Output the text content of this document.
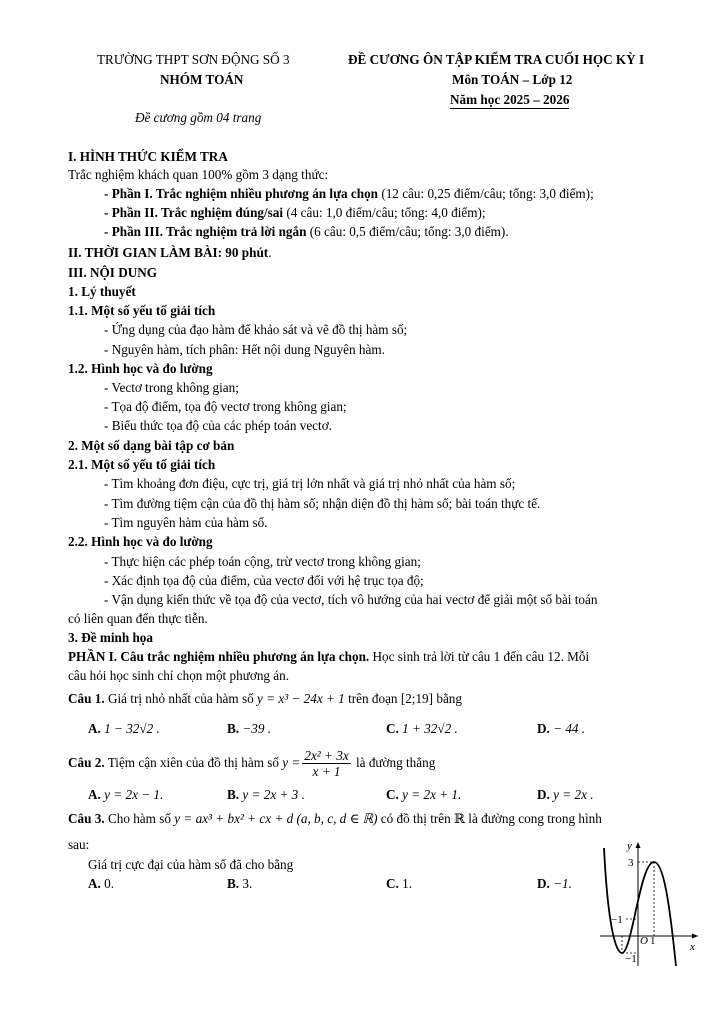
TRƯỜNG THPT SƠN ĐỘNG SỐ 3
NHÓM TOÁN
ĐỀ CƯƠNG ÔN TẬP KIỂM TRA CUỐI HỌC KỲ I
Môn TOÁN – Lớp 12
Năm học 2025 – 2026
Đề cương gồm 04 trang
I. HÌNH THỨC KIỂM TRA
Trắc nghiệm khách quan 100% gồm 3 dạng thức:
- Phần I. Trắc nghiệm nhiều phương án lựa chọn (12 câu: 0,25 điểm/câu; tổng: 3,0 điểm);
- Phần II. Trắc nghiệm đúng/sai (4 câu: 1,0 điểm/câu; tổng: 4,0 điểm);
- Phần III. Trắc nghiệm trả lời ngắn (6 câu: 0,5 điểm/câu; tổng: 3,0 điểm).
II. THỜI GIAN LÀM BÀI: 90 phút.
III. NỘI DUNG
1. Lý thuyết
1.1. Một số yếu tố giải tích
- Ứng dụng của đạo hàm để khảo sát và vẽ đồ thị hàm số;
- Nguyên hàm, tích phân: Hết nội dung Nguyên hàm.
1.2. Hình học và đo lường
- Vectơ trong không gian;
- Tọa độ điểm, tọa độ vectơ trong không gian;
- Biểu thức tọa độ của các phép toán vectơ.
2. Một số dạng bài tập cơ bản
2.1. Một số yếu tố giải tích
- Tìm khoảng đơn điệu, cực trị, giá trị lớn nhất và giá trị nhỏ nhất của hàm số;
- Tìm đường tiệm cận của đồ thị hàm số; nhận diện đồ thị hàm số; bài toán thực tế.
- Tìm nguyên hàm của hàm số.
2.2. Hình học và đo lường
- Thực hiện các phép toán cộng, trừ vectơ trong không gian;
- Xác định tọa độ của điểm, của vectơ đối với hệ trục tọa độ;
- Vận dụng kiến thức về tọa độ của vectơ, tích vô hướng của hai vectơ để giải một số bài toán
có liên quan đến thực tiễn.
3. Đề minh họa
PHẦN I. Câu trắc nghiệm nhiều phương án lựa chọn. Học sinh trả lời từ câu 1 đến câu 12. Mỗi
câu hỏi học sinh chỉ chọn một phương án.
Câu 1. Giá trị nhỏ nhất của hàm số y = x³ − 24x + 1 trên đoạn [2;19] bằng
A. 1 − 32√2 .	B. −39 .	C. 1 + 32√2 .	D. − 44 .
Câu 2. Tiệm cận xiên của đồ thị hàm số $y = \frac{\text{2x² + 3x}}{x + 1}$ là đường thẳng
A. y = 2x − 1.	B. y = 2x + 3 .	C. y = 2x + 1.	D. y = 2x .
Câu 3. Cho hàm số y = ax³ + bx² + cx + d (a, b, c, d ∈ ℝ) có đồ thị trên ℝ là đường cong trong hình
sau:
Giá trị cực đại của hàm số đã cho bằng
A. 0.	B. 3.	C. 1.	D. −1.
y
x
3
−1
O 1
−1
